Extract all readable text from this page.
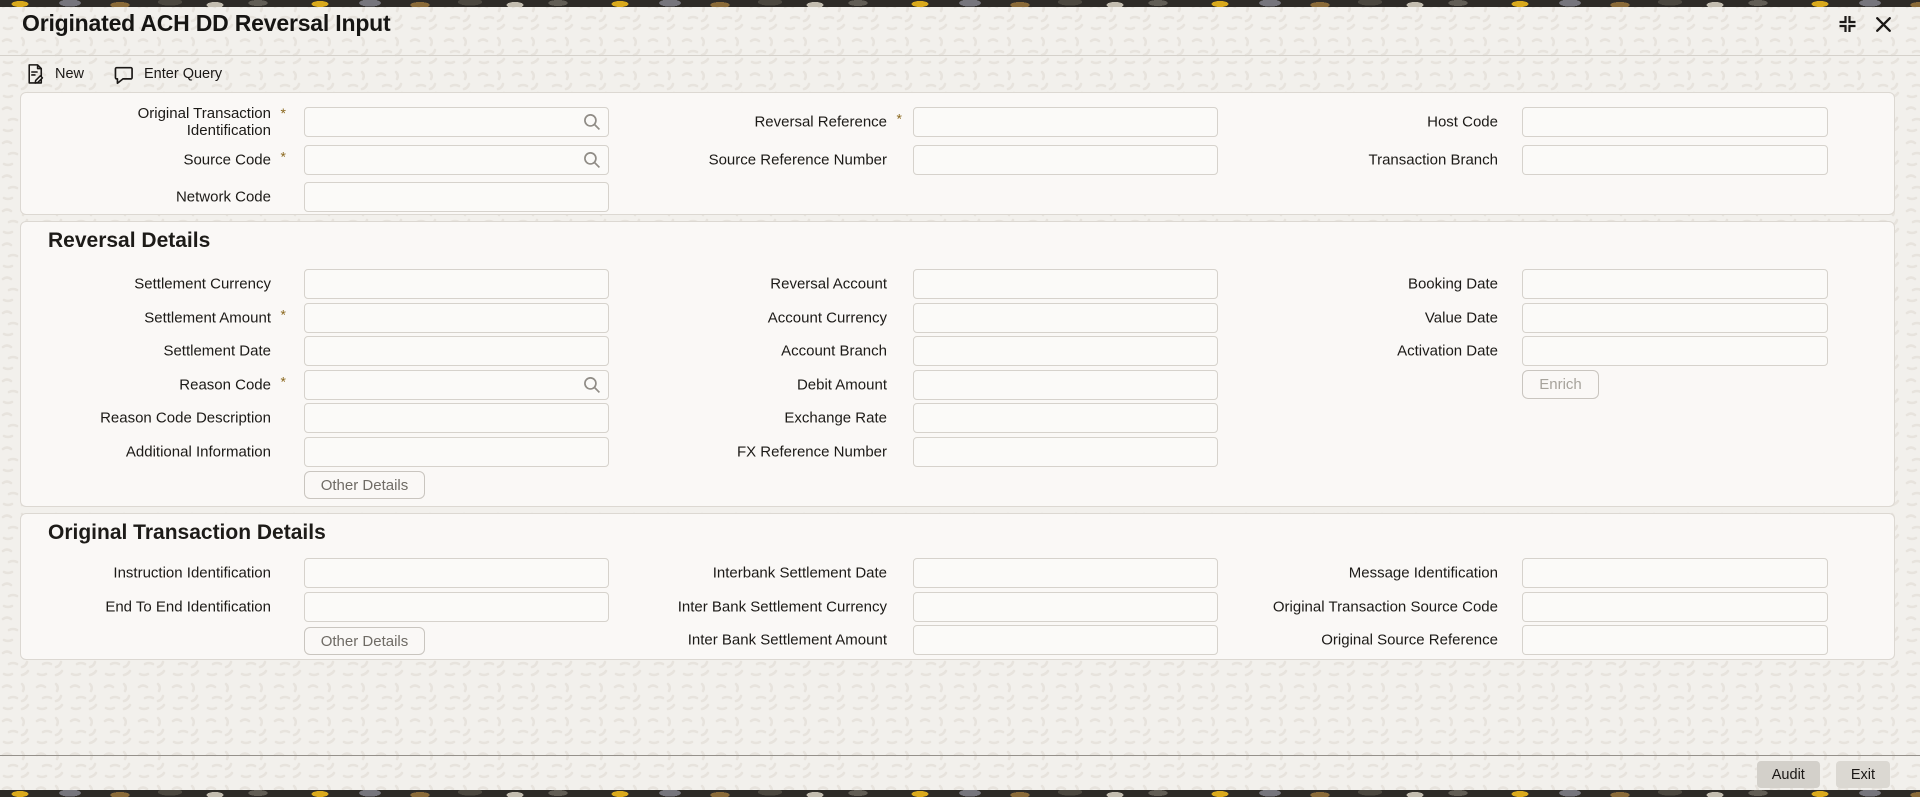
Originated ACH DD Reversal Input
New	Enter Query
Original Transaction
Identification
*
Source Code *
Network Code
Reversal Reference *
Source Reference Number
Host Code
Transaction Branch
Reversal Details
Settlement Currency
Settlement Amount *
Settlement Date
Reason Code *
Reason Code Description
Additional Information
Other Details
Reversal Account
Account Currency
Account Branch
Debit Amount
Exchange Rate
FX Reference Number
Booking Date
Value Date
Activation Date
Enrich
Original Transaction Details
Instruction Identification
End To End Identification
Other Details
Interbank Settlement Date
Inter Bank Settlement Currency
Inter Bank Settlement Amount
Message Identification
Original Transaction Source Code
Original Source Reference
Audit	Exit
